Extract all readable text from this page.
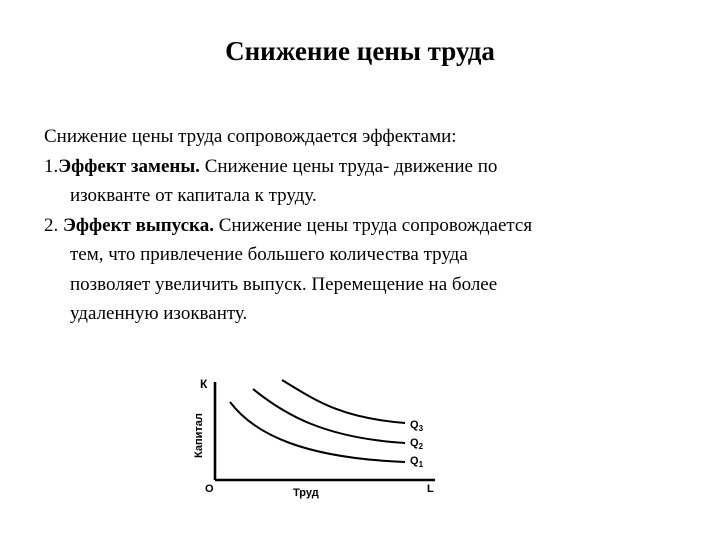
Снижение цены труда

Снижение цены труда сопровождается эффектами:

1.Эффект замены. Снижение цены труда- движение по
изокванте от капитала к труду.

2. Эффект выпуска. Снижение цены труда сопровождается
тем, что привлечение большего количества труда
позволяет увеличить выпуск. Перемещение на более
удаленную изокванту.

К
Капитал
О	Труд	L
$Q_3$
$Q_2$
$Q_1$
